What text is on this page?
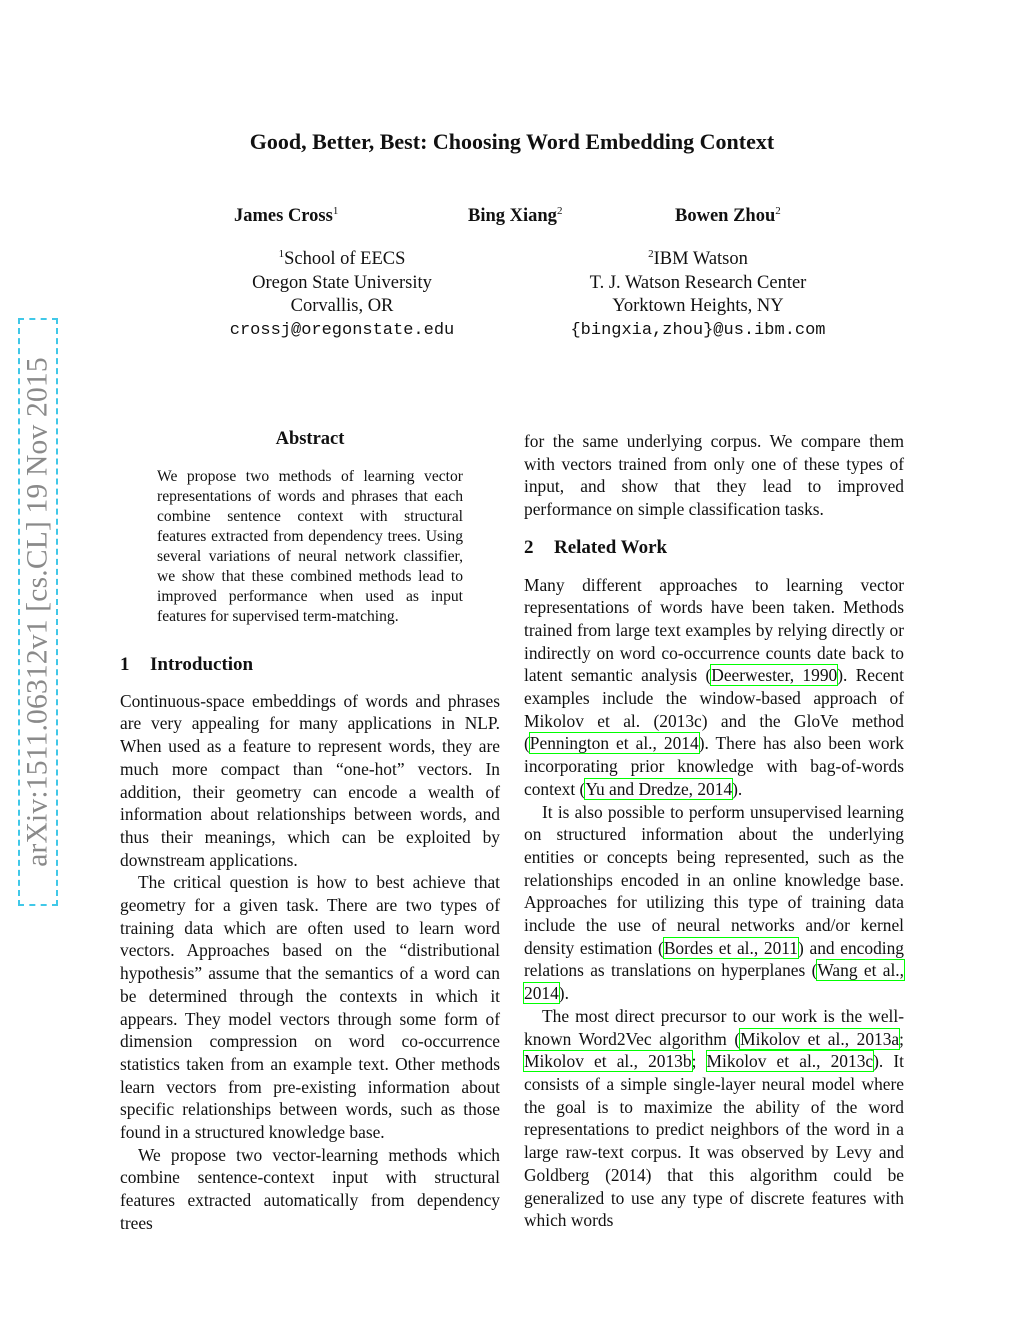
arXiv:1511.06312v1 [cs.CL] 19 Nov 2015
Good, Better, Best: Choosing Word Embedding Context
James Cross$^1$	Bing Xiang$^2$	Bowen Zhou$^2$
$^1$School of EECS
Oregon State University
Corvallis, OR
crossj@oregonstate.edu
$^2$IBM Watson
T. J. Watson Research Center
Yorktown Heights, NY
{bingxia,zhou}@us.ibm.com
Abstract

We propose two methods of learning vector representations of words and phrases that each combine sentence context with structural features extracted from dependency trees. Using several variations of neural network classifier, we show that these combined methods lead to improved performance when used as input features for supervised term-matching.

1 Introduction

Continuous-space embeddings of words and phrases are very appealing for many applications in NLP. When used as a feature to represent words, they are much more compact than “one-hot” vectors. In addition, their geometry can encode a wealth of information about relationships between words, and thus their meanings, which can be exploited by downstream applications.

The critical question is how to best achieve that geometry for a given task. There are two types of training data which are often used to learn word vectors. Approaches based on the “distributional hypothesis” assume that the semantics of a word can be determined through the contexts in which it appears. They model vectors through some form of dimension compression on word co-occurrence statistics taken from an example text. Other methods learn vectors from pre-existing information about specific relationships between words, such as those found in a structured knowledge base.

We propose two vector-learning methods which combine sentence-context input with structural features extracted automatically from dependency trees

for the same underlying corpus. We compare them with vectors trained from only one of these types of input, and show that they lead to improved performance on simple classification tasks.

2 Related Work

Many different approaches to learning vector representations of words have been taken. Methods trained from large text examples by relying directly or indirectly on word co-occurrence counts date back to latent semantic analysis (Deerwester, 1990). Recent examples include the window-based approach of Mikolov et al. (2013c) and the GloVe method (Pennington et al., 2014). There has also been work incorporating prior knowledge with bag-of-words context (Yu and Dredze, 2014).

It is also possible to perform unsupervised learning on structured information about the underlying entities or concepts being represented, such as the relationships encoded in an online knowledge base. Approaches for utilizing this type of training data include the use of neural networks and/or kernel density estimation (Bordes et al., 2011) and encoding relations as translations on hyperplanes (Wang et al., 2014).

The most direct precursor to our work is the well-known Word2Vec algorithm (Mikolov et al., 2013a; Mikolov et al., 2013b; Mikolov et al., 2013c). It consists of a simple single-layer neural model where the goal is to maximize the ability of the word representations to predict neighbors of the word in a large raw-text corpus. It was observed by Levy and Goldberg (2014) that this algorithm could be generalized to use any type of discrete features with which words
